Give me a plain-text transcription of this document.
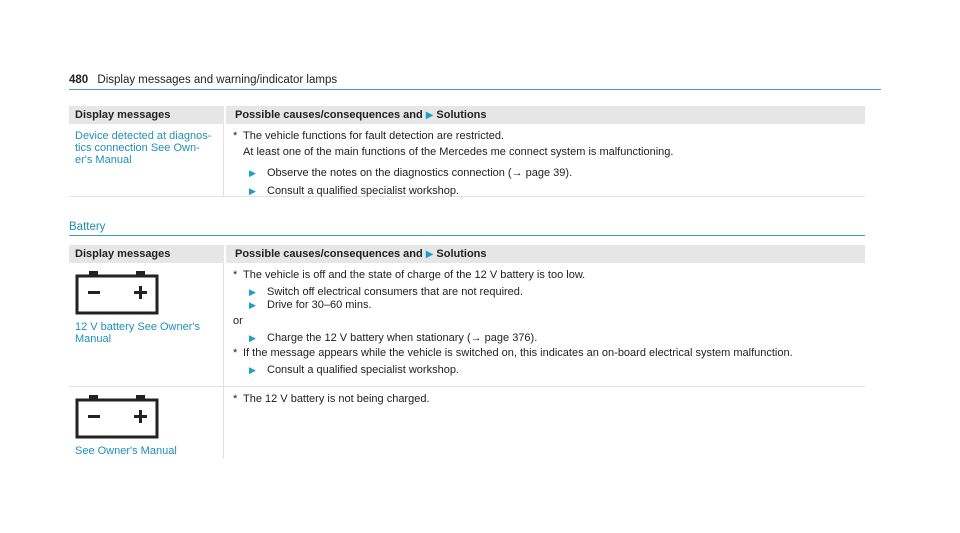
480 Display messages and warning/indicator lamps
Display messages	Possible causes/consequences and ▶ Solutions
Device detected at diagnos- tics connection See Own- er's Manual
* The vehicle functions for fault detection are restricted.
At least one of the main functions of the Mercedes me connect system is malfunctioning.
▶	Observe the notes on the diagnostics connection (→ page 39).
▶	Consult a qualified specialist workshop.
Battery
Display messages	Possible causes/consequences and ▶ Solutions
12 V battery See Owner's Manual
* The vehicle is off and the state of charge of the 12 V battery is too low.
▶	Switch off electrical consumers that are not required.
▶	Drive for 30–60 mins.
or
▶	Charge the 12 V battery when stationary (→ page 376).
* If the message appears while the vehicle is switched on, this indicates an on-board electrical system malfunction.
▶	Consult a qualified specialist workshop.
See Owner's Manual
* The 12 V battery is not being charged.
